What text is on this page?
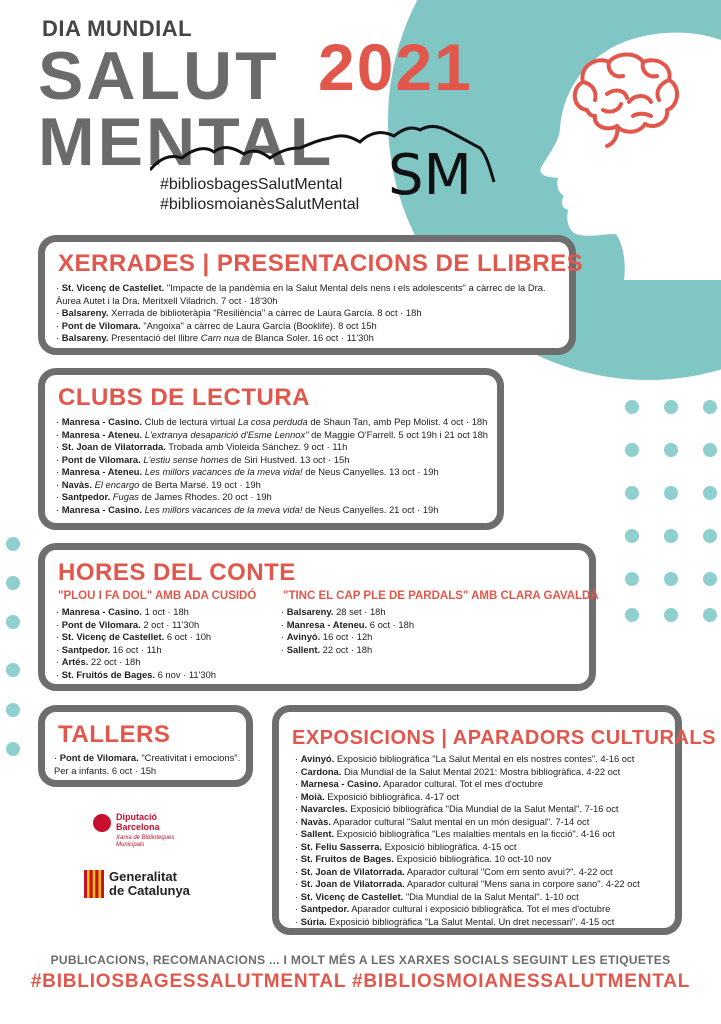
DIA MUNDIAL
SALUT
MENTAL
2021
SM
#bibliosbagesSalutMental
#bibliosmoianèsSalutMental
XERRADES | PRESENTACIONS DE LLIBRES
· St. Vicenç de Castellet. "Impacte de la pandèmia en la Salut Mental dels nens i els adolescents" a càrrec de la Dra. Àurea Autet i la Dra. Meritxell Viladrich. 7 oct · 18'30h
· Balsareny. Xerrada de biblioteràpia "Resiliència" a càrrec de Laura García. 8 oct · 18h
· Pont de Vilomara. "Angoixa" a càrrec de Laura García (Booklife). 8 oct 15h
· Balsareny. Presentació del llibre Carn nua de Blanca Soler. 16 oct · 11'30h
CLUBS DE LECTURA
· Manresa - Casino. Club de lectura virtual La cosa perduda de Shaun Tan, amb Pep Molist. 4 oct · 18h
· Manresa - Ateneu. L'extranya desaparició d'Esme Lennox" de Maggie O'Farrell. 5 oct 19h i 21 oct 18h
· St. Joan de Vilatorrada. Trobada amb Violeida Sánchez. 9 oct · 11h
· Pont de Vilomara. L'estiu sense homes de Siri Hustved. 13 oct · 15h
· Manresa - Ateneu. Les millors vacances de la meva vida! de Neus Canyelles. 13 oct · 19h
· Navàs. El encargo de Berta Marsé. 19 oct · 19h
· Santpedor. Fugas de James Rhodes. 20 oct · 19h
· Manresa - Casino. Les millors vacances de la meva vida! de Neus Canyelles. 21 oct · 19h
HORES DEL CONTE
"PLOU I FA DOL" AMB ADA CUSIDÓ "TINC EL CAP PLE DE PARDALS" AMB CLARA GAVALDÀ
· Manresa - Casino. 1 oct · 18h
· Pont de Vilomara. 2 oct · 11'30h
· St. Vicenç de Castellet. 6 oct · 10h
· Santpedor. 16 oct · 11h
· Artés. 22 oct · 18h
· St. Fruitós de Bages. 6 nov · 11'30h
· Balsareny. 28 set · 18h
· Manresa - Ateneu. 6 oct · 18h
· Avinyó. 16 oct · 12h
· Sallent. 22 oct · 18h
TALLERS
· Pont de Vilomara. "Creativitat i emocions". Per a infants. 6 oct · 15h
EXPOSICIONS | APARADORS CULTURALS
· Avinyó. Exposició bibliogràfica "La Salut Mental en els nostres contes". 4-16 oct
· Cardona. Dia Mundial de la Salut Mental 2021: Mostra bibliogràfica. 4-22 oct
· Marnesa - Casino. Aparador cultural. Tot el mes d'octubre
· Moià. Exposició bibliogràfica. 4-17 oct
· Navarcles. Exposició bibliogràfica "Dia Mundial de la Salut Mental". 7-16 oct
· Navàs. Aparador cultural "Salut mental en un món desigual". 7-14 oct
· Sallent. Exposició bibliogràfica "Les malalties mentals en la ficció". 4-16 oct
· St. Feliu Sasserra. Exposició bibliogràfica. 4-15 oct
· St. Fruitos de Bages. Exposició bibliogràfica. 10 oct-10 nov
· St. Joan de Vilatorrada. Aparador cultural "Com em sento avui?". 4-22 oct
· St. Joan de Vilatorrada. Aparador cultural "Mens sana in corpore sano". 4-22 oct
· St. Vicenç de Castellet. "Dia Mundial de la Salut Mental". 1-10 oct
· Santpedor. Aparador cultural i exposició bibliogràfica. Tot el mes d'octubre
· Súria. Exposició bibliogràfica "La Salut Mental. Un dret necessari". 4-15 oct
Diputació
Barcelona
Xarxa de Biblioteques
Municipals
Generalitat
de Catalunya
PUBLICACIONS, RECOMANACIONS ... I MOLT MÉS A LES XARXES SOCIALS SEGUINT LES ETIQUETES
#BIBLIOSBAGESSALUTMENTAL #BIBLIOSMOIANESSALUTMENTAL
